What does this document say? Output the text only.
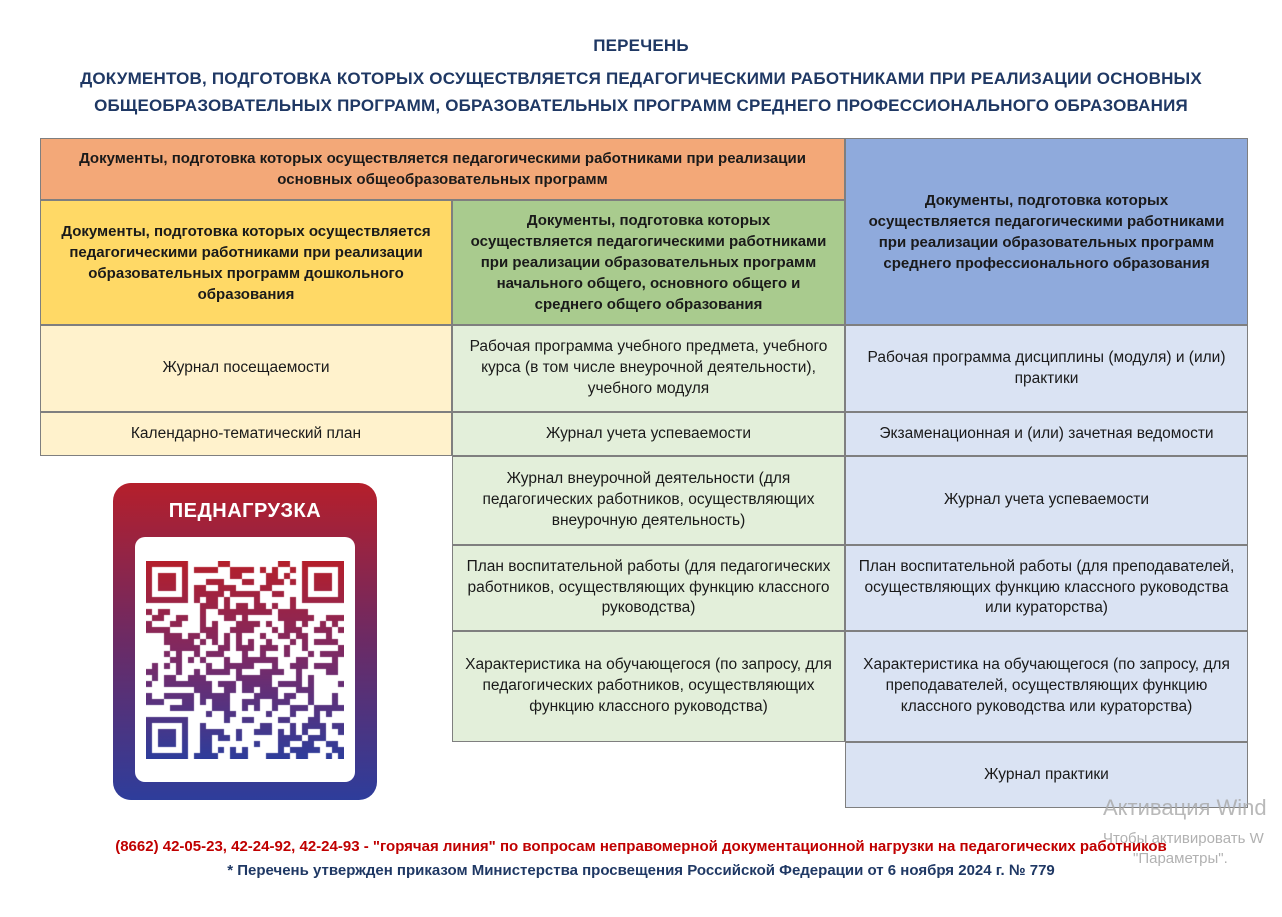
ПЕРЕЧЕНЬ
ДОКУМЕНТОВ, ПОДГОТОВКА КОТОРЫХ ОСУЩЕСТВЛЯЕТСЯ ПЕДАГОГИЧЕСКИМИ РАБОТНИКАМИ ПРИ РЕАЛИЗАЦИИ ОСНОВНЫХ ОБЩЕОБРАЗОВАТЕЛЬНЫХ ПРОГРАММ, ОБРАЗОВАТЕЛЬНЫХ ПРОГРАММ СРЕДНЕГО ПРОФЕССИОНАЛЬНОГО ОБРАЗОВАНИЯ
Документы, подготовка которых осуществляется педагогическими работниками при реализации основных общеобразовательных программ
Документы, подготовка которых осуществляется педагогическими работниками при реализации образовательных программ дошкольного образования
Документы, подготовка которых осуществляется педагогическими работниками при реализации образовательных программ начального общего, основного общего и среднего общего образования
Документы, подготовка которых осуществляется педагогическими работниками при реализации образовательных программ среднего профессионального образования
Журнал посещаемости
Календарно-тематический план
Рабочая программа учебного предмета, учебного курса (в том числе внеурочной деятельности), учебного модуля
Журнал учета успеваемости
Журнал внеурочной деятельности (для педагогических работников, осуществляющих внеурочную деятельность)
План воспитательной работы (для педагогических работников, осуществляющих функцию классного руководства)
Характеристика на обучающегося (по запросу, для педагогических работников, осуществляющих функцию классного руководства)
Рабочая программа дисциплины (модуля) и (или) практики
Экзаменационная и (или) зачетная ведомости
Журнал учета успеваемости
План воспитательной работы (для преподавателей, осуществляющих функцию классного руководства или кураторства)
Характеристика на обучающегося (по запросу, для преподавателей, осуществляющих функцию классного руководства или кураторства)
Журнал практики
ПЕДНАГРУЗКА
(8662) 42-05-23, 42-24-92, 42-24-93 - "горячая линия" по вопросам неправомерной документационной нагрузки на педагогических работников
* Перечень утвержден приказом Министерства просвещения Российской Федерации от 6 ноября 2024 г. № 779
Активация Wind
Чтобы активировать W
"Параметры".
